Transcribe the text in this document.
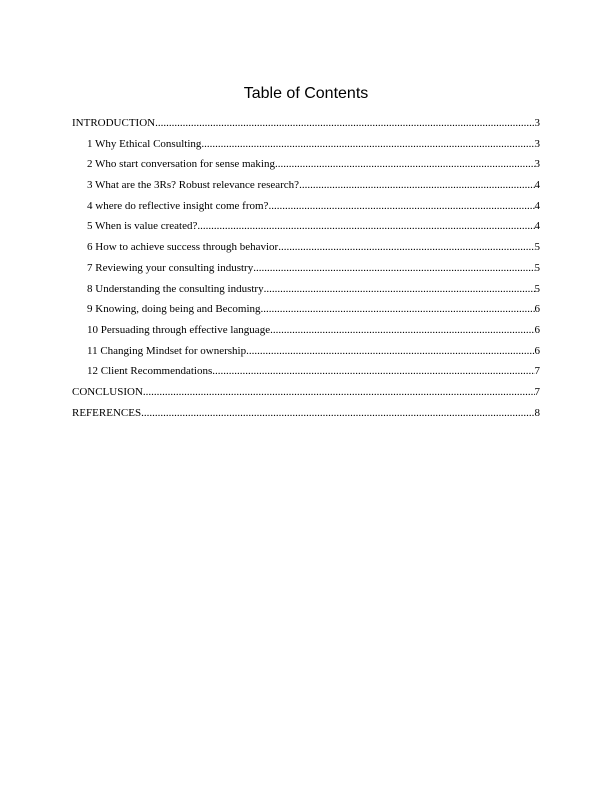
Table of Contents
INTRODUCTION .....	3
1 Why Ethical Consulting .....	3
2 Who start conversation for sense making .....	3
3 What are the 3Rs? Robust relevance research? .....	4
4 where do reflective insight come from? .....	4
5 When is value created? .....	4
6 How to achieve success through behavior .....	5
7 Reviewing your consulting industry .....	5
8 Understanding the consulting industry .....	5
9 Knowing, doing being and Becoming. .....	6
10 Persuading through effective language .....	6
11 Changing Mindset for ownership .....	6
12 Client Recommendations .....	7
CONCLUSION .....	7
REFERENCES .....	8
